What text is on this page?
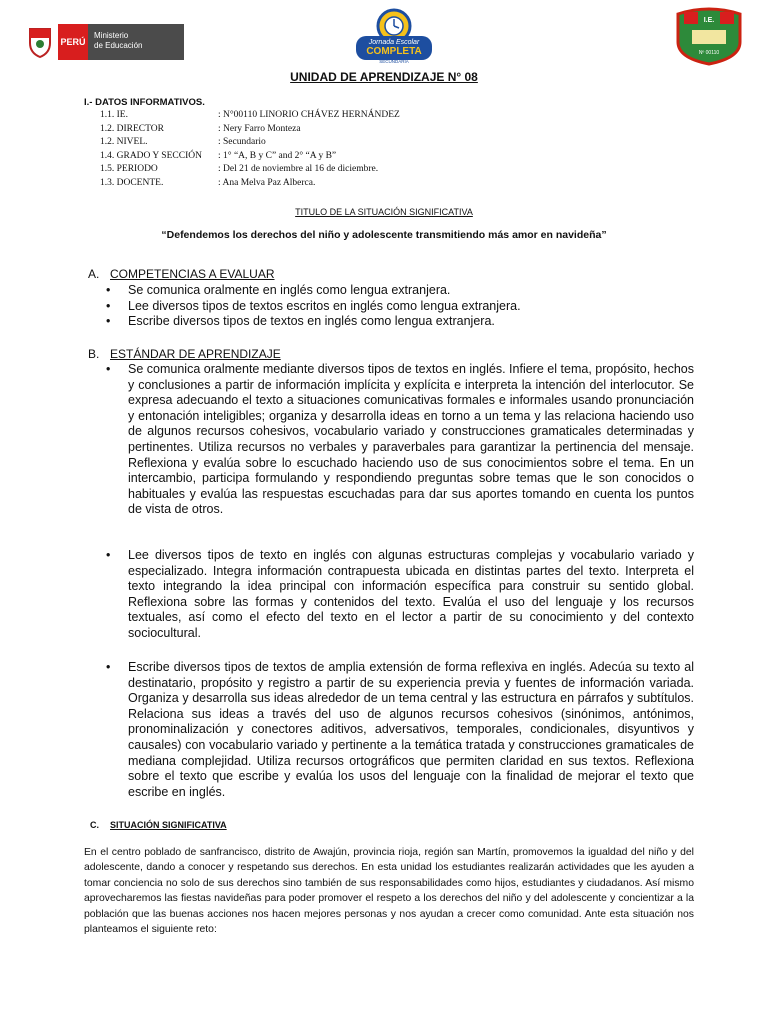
PERÚ
Ministerio
de Educación	Jornada Escolar
COMPLETA
SECUNDARIA
I.E.
Nº 00110
UNIDAD DE APRENDIZAJE N° 08
I.- DATOS INFORMATIVOS.
1.1. IE.	: N°00110 LINORIO CHÁVEZ HERNÁNDEZ
1.2. DIRECTOR	: Nery Farro Monteza
1.2. NIVEL.	: Secundario
1.4. GRADO Y SECCIÓN	: 1° “A, B y C” and 2° “A y B”
1.5. PERIODO	: Del 21 de noviembre al 16 de diciembre.
1.3. DOCENTE.	: Ana Melva Paz Alberca.
TITULO DE LA SITUACIÓN SIGNIFICATIVA
“Defendemos los derechos del niño y adolescente transmitiendo más amor en navideña”
A. COMPETENCIAS A EVALUAR
• Se comunica oralmente en inglés como lengua extranjera.
• Lee diversos tipos de textos escritos en inglés como lengua extranjera.
• Escribe diversos tipos de textos en inglés como lengua extranjera.
B. ESTÁNDAR DE APRENDIZAJE
• Se comunica oralmente mediante diversos tipos de textos en inglés. Infiere el tema, propósito, hechos y conclusiones a partir de información implícita y explícita e interpreta la intención del interlocutor. Se expresa adecuando el texto a situaciones comunicativas formales e informales usando pronunciación y entonación inteligibles; organiza y desarrolla ideas en torno a un tema y las relaciona haciendo uso de algunos recursos cohesivos, vocabulario variado y construcciones gramaticales determinadas y pertinentes. Utiliza recursos no verbales y paraverbales para garantizar la pertinencia del mensaje. Reflexiona y evalúa sobre lo escuchado haciendo uso de sus conocimientos sobre el tema. En un intercambio, participa formulando y respondiendo preguntas sobre temas que le son conocidos o habituales y evalúa las respuestas escuchadas para dar sus aportes tomando en cuenta los puntos de vista de otros.
• Lee diversos tipos de texto en inglés con algunas estructuras complejas y vocabulario variado y especializado. Integra información contrapuesta ubicada en distintas partes del texto. Interpreta el texto integrando la idea principal con información específica para construir su sentido global. Reflexiona sobre las formas y contenidos del texto. Evalúa el uso del lenguaje y los recursos textuales, así como el efecto del texto en el lector a partir de su conocimiento y del contexto sociocultural.
• Escribe diversos tipos de textos de amplia extensión de forma reflexiva en inglés. Adecúa su texto al destinatario, propósito y registro a partir de su experiencia previa y fuentes de información variada. Organiza y desarrolla sus ideas alrededor de un tema central y las estructura en párrafos y subtítulos. Relaciona sus ideas a través del uso de algunos recursos cohesivos (sinónimos, antónimos, pronominalización y conectores aditivos, adversativos, temporales, condicionales, disyuntivos y causales) con vocabulario variado y pertinente a la temática tratada y construcciones gramaticales de mediana complejidad. Utiliza recursos ortográficos que permiten claridad en sus textos. Reflexiona sobre el texto que escribe y evalúa los usos del lenguaje con la finalidad de mejorar el texto que escribe en inglés.
C. SITUACIÓN SIGNIFICATIVA
En el centro poblado de sanfrancisco, distrito de Awajún, provincia rioja, región san Martín, promovemos la igualdad del niño y del adolescente, dando a conocer y respetando sus derechos. En esta unidad los estudiantes realizarán actividades que les ayuden a tomar conciencia no solo de sus derechos sino también de sus responsabilidades como hijos, estudiantes y ciudadanos. Así mismo aprovecharemos las fiestas navideñas para poder promover el respeto a los derechos del niño y del adolescente y concientizar a la población que las buenas acciones nos hacen mejores personas y nos ayudan a crecer como comunidad. Ante esta situación nos planteamos el siguiente reto:
